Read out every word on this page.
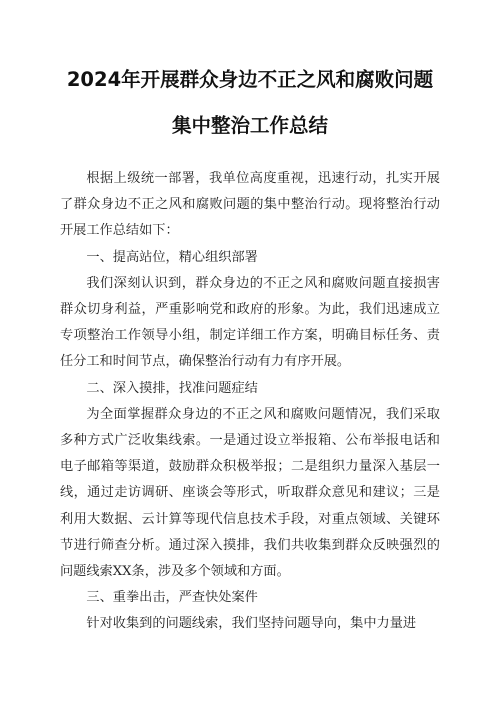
2024年开展群众身边不正之风和腐败问题
集中整治工作总结

根据上级统一部署，我单位高度重视，迅速行动，扎实开展了群众身边不正之风和腐败问题的集中整治行动。现将整治行动开展工作总结如下：

一、提高站位，精心组织部署

我们深刻认识到，群众身边的不正之风和腐败问题直接损害群众切身利益，严重影响党和政府的形象。为此，我们迅速成立专项整治工作领导小组，制定详细工作方案，明确目标任务、责任分工和时间节点，确保整治行动有力有序开展。

二、深入摸排，找准问题症结

为全面掌握群众身边的不正之风和腐败问题情况，我们采取多种方式广泛收集线索。一是通过设立举报箱、公布举报电话和电子邮箱等渠道，鼓励群众积极举报；二是组织力量深入基层一线，通过走访调研、座谈会等形式，听取群众意见和建议；三是利用大数据、云计算等现代信息技术手段，对重点领域、关键环节进行筛查分析。通过深入摸排，我们共收集到群众反映强烈的问题线索XX条，涉及多个领域和方面。

三、重拳出击，严查快处案件

针对收集到的问题线索，我们坚持问题导向，集中力量进
